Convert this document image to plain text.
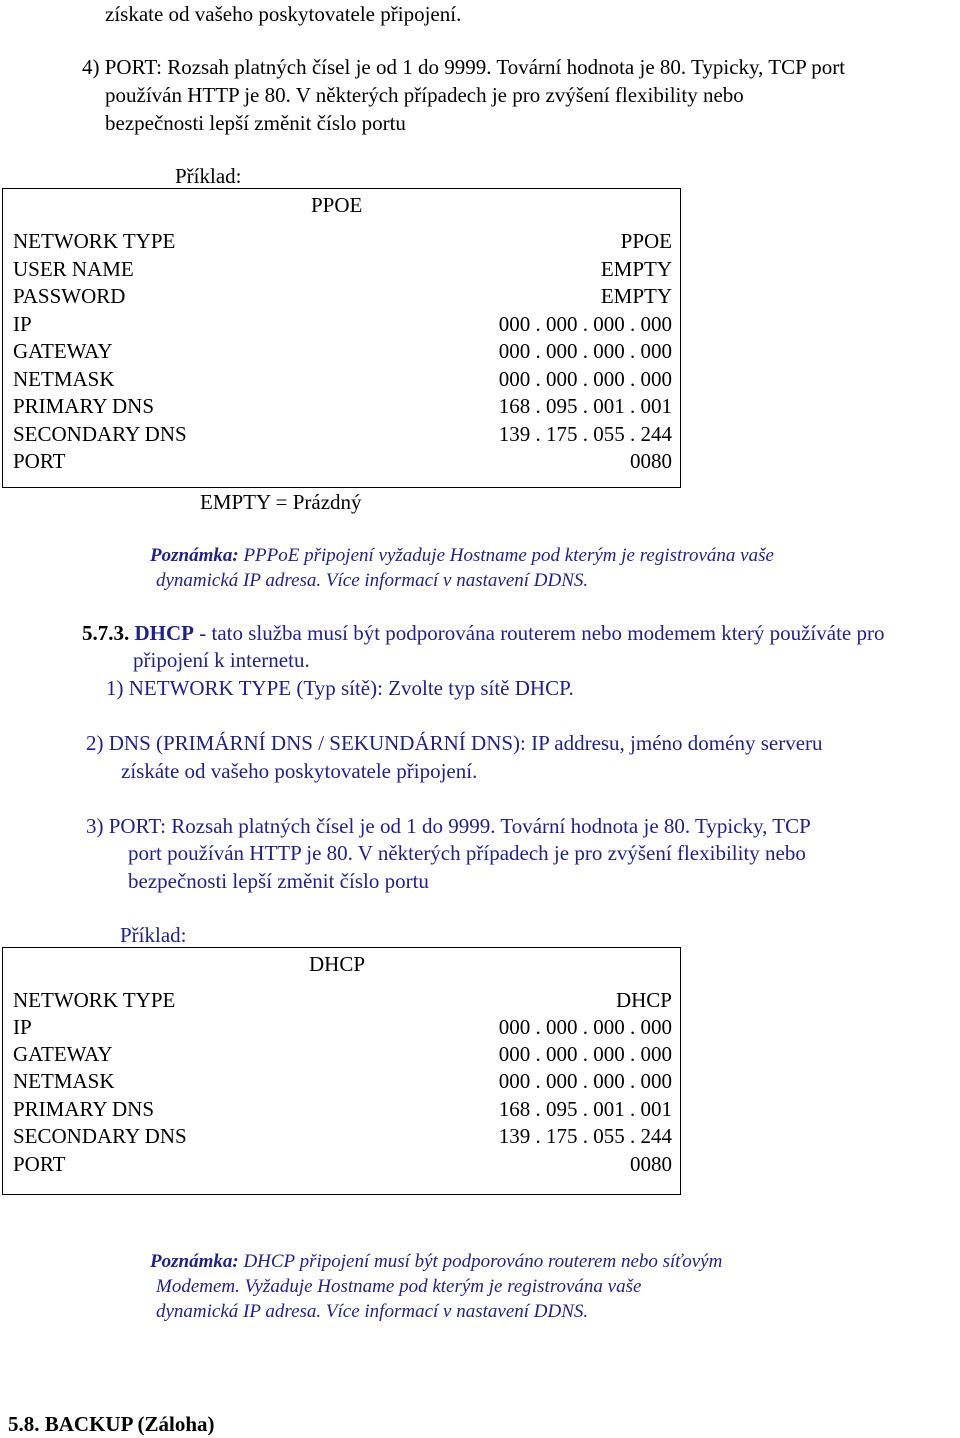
získate od vašeho poskytovatele připojení.
4) PORT: Rozsah platných čísel je od 1 do 9999. Tovární hodnota je 80. Typicky, TCP port
používán HTTP je 80. V některých případech je pro zvýšení flexibility nebo
bezpečnosti lepší změnit číslo portu
Příklad:
PPOE
NETWORK TYPE	PPOE
USER NAME	EMPTY
PASSWORD	EMPTY
IP	000 . 000 . 000 . 000
GATEWAY	000 . 000 . 000 . 000
NETMASK	000 . 000 . 000 . 000
PRIMARY DNS	168 . 095 . 001 . 001
SECONDARY DNS	139 . 175 . 055 . 244
PORT	0080
EMPTY = Prázdný
Poznámka: PPPoE připojení vyžaduje Hostname pod kterým je registrována vaše
dynamická IP adresa. Více informací v nastavení DDNS.
5.7.3. DHCP - tato služba musí být podporována routerem nebo modemem který používáte pro
připojení k internetu.
1) NETWORK TYPE (Typ sítě): Zvolte typ sítě DHCP.
2) DNS (PRIMÁRNÍ DNS / SEKUNDÁRNÍ DNS): IP addresu, jméno domény serveru
získáte od vašeho poskytovatele připojení.
3) PORT: Rozsah platných čísel je od 1 do 9999. Tovární hodnota je 80. Typicky, TCP
port používán HTTP je 80. V některých případech je pro zvýšení flexibility nebo
bezpečnosti lepší změnit číslo portu
Příklad:
DHCP
NETWORK TYPE	DHCP
IP	000 . 000 . 000 . 000
GATEWAY	000 . 000 . 000 . 000
NETMASK	000 . 000 . 000 . 000
PRIMARY DNS	168 . 095 . 001 . 001
SECONDARY DNS	139 . 175 . 055 . 244
PORT	0080
Poznámka: DHCP připojení musí být podporováno routerem nebo síťovým
Modemem. Vyžaduje Hostname pod kterým je registrována vaše
dynamická IP adresa. Více informací v nastavení DDNS.
5.8. BACKUP (Záloha)
